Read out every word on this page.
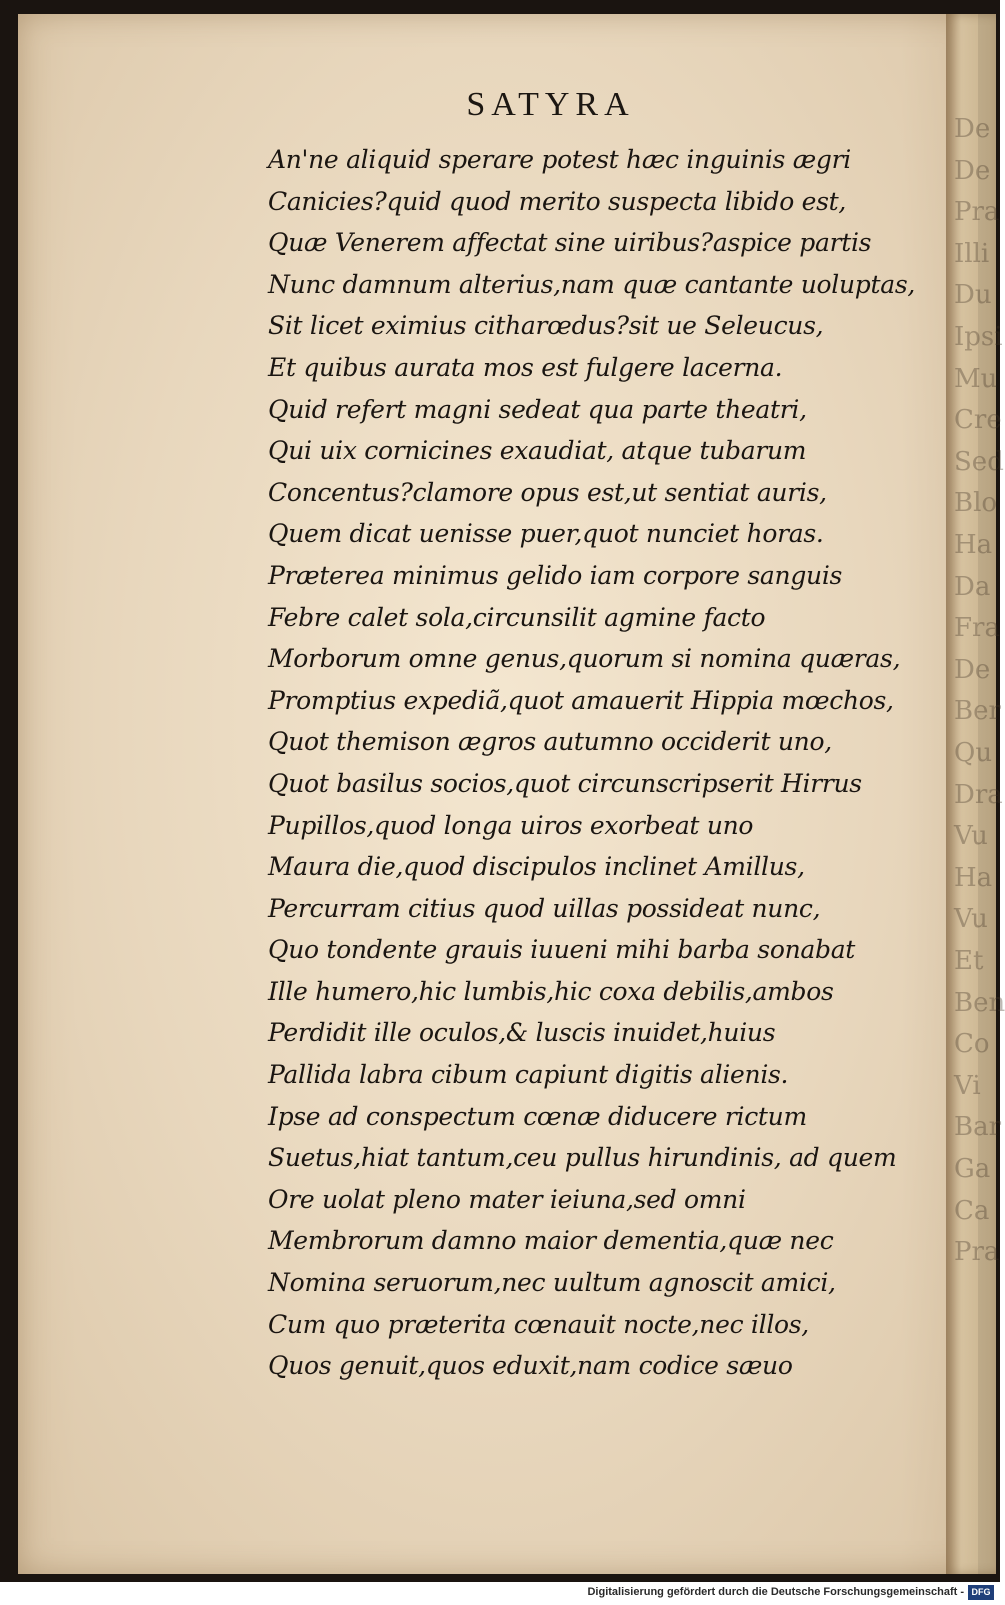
SATYRA
An'ne aliquid sperare potest hæc inguinis ægri
Canicies?quid quod merito suspecta libido est,
Quæ Venerem affectat sine uiribus?aspice partis
Nunc damnum alterius,nam quæ cantante uoluptas,
Sit licet eximius citharœdus?sit ue Seleucus,
Et quibus aurata mos est fulgere lacerna.
Quid refert magni sedeat qua parte theatri,
Qui uix cornicines exaudiat, atque tubarum
Concentus?clamore opus est,ut sentiat auris,
Quem dicat uenisse puer,quot nunciet horas.
Præterea minimus gelido iam corpore sanguis
Febre calet sola,circunsilit agmine facto
Morborum omne genus,quorum si nomina quæras,
Promptius expediã,quot amauerit Hippia mœchos,
Quot themison ægros autumno occiderit uno,
Quot basilus socios,quot circunscripserit Hirrus
Pupillos,quod longa uiros exorbeat uno
Maura die,quod discipulos inclinet Amillus,
Percurram citius quod uillas possideat nunc,
Quo tondente grauis iuueni mihi barba sonabat
Ille humero,hic lumbis,hic coxa debilis,ambos
Perdidit ille oculos,& luscis inuidet,huius
Pallida labra cibum capiunt digitis alienis.
Ipse ad conspectum cœnæ diducere rictum
Suetus,hiat tantum,ceu pullus hirundinis, ad quem
Ore uolat pleno mater ieiuna,sed omni
Membrorum damno maior dementia,quæ nec
Nomina seruorum,nec uultum agnoscit amici,
Cum quo præterita cœnauit nocte,nec illos,
Quos genuit,quos eduxit,nam codice sæuo
De
De
Pra
Illi
Du
Ipsi
Mu
Cre
Sed
Blo
Ha
Da
Fra
De
Ber
Qu
Dra
Vu
Ha
Vu
Et
Ben
Co
Vi
Bar
Ga
Ca
Pra
Digitalisierung gefördert durch die Deutsche Forschungsgemeinschaft - DFG
